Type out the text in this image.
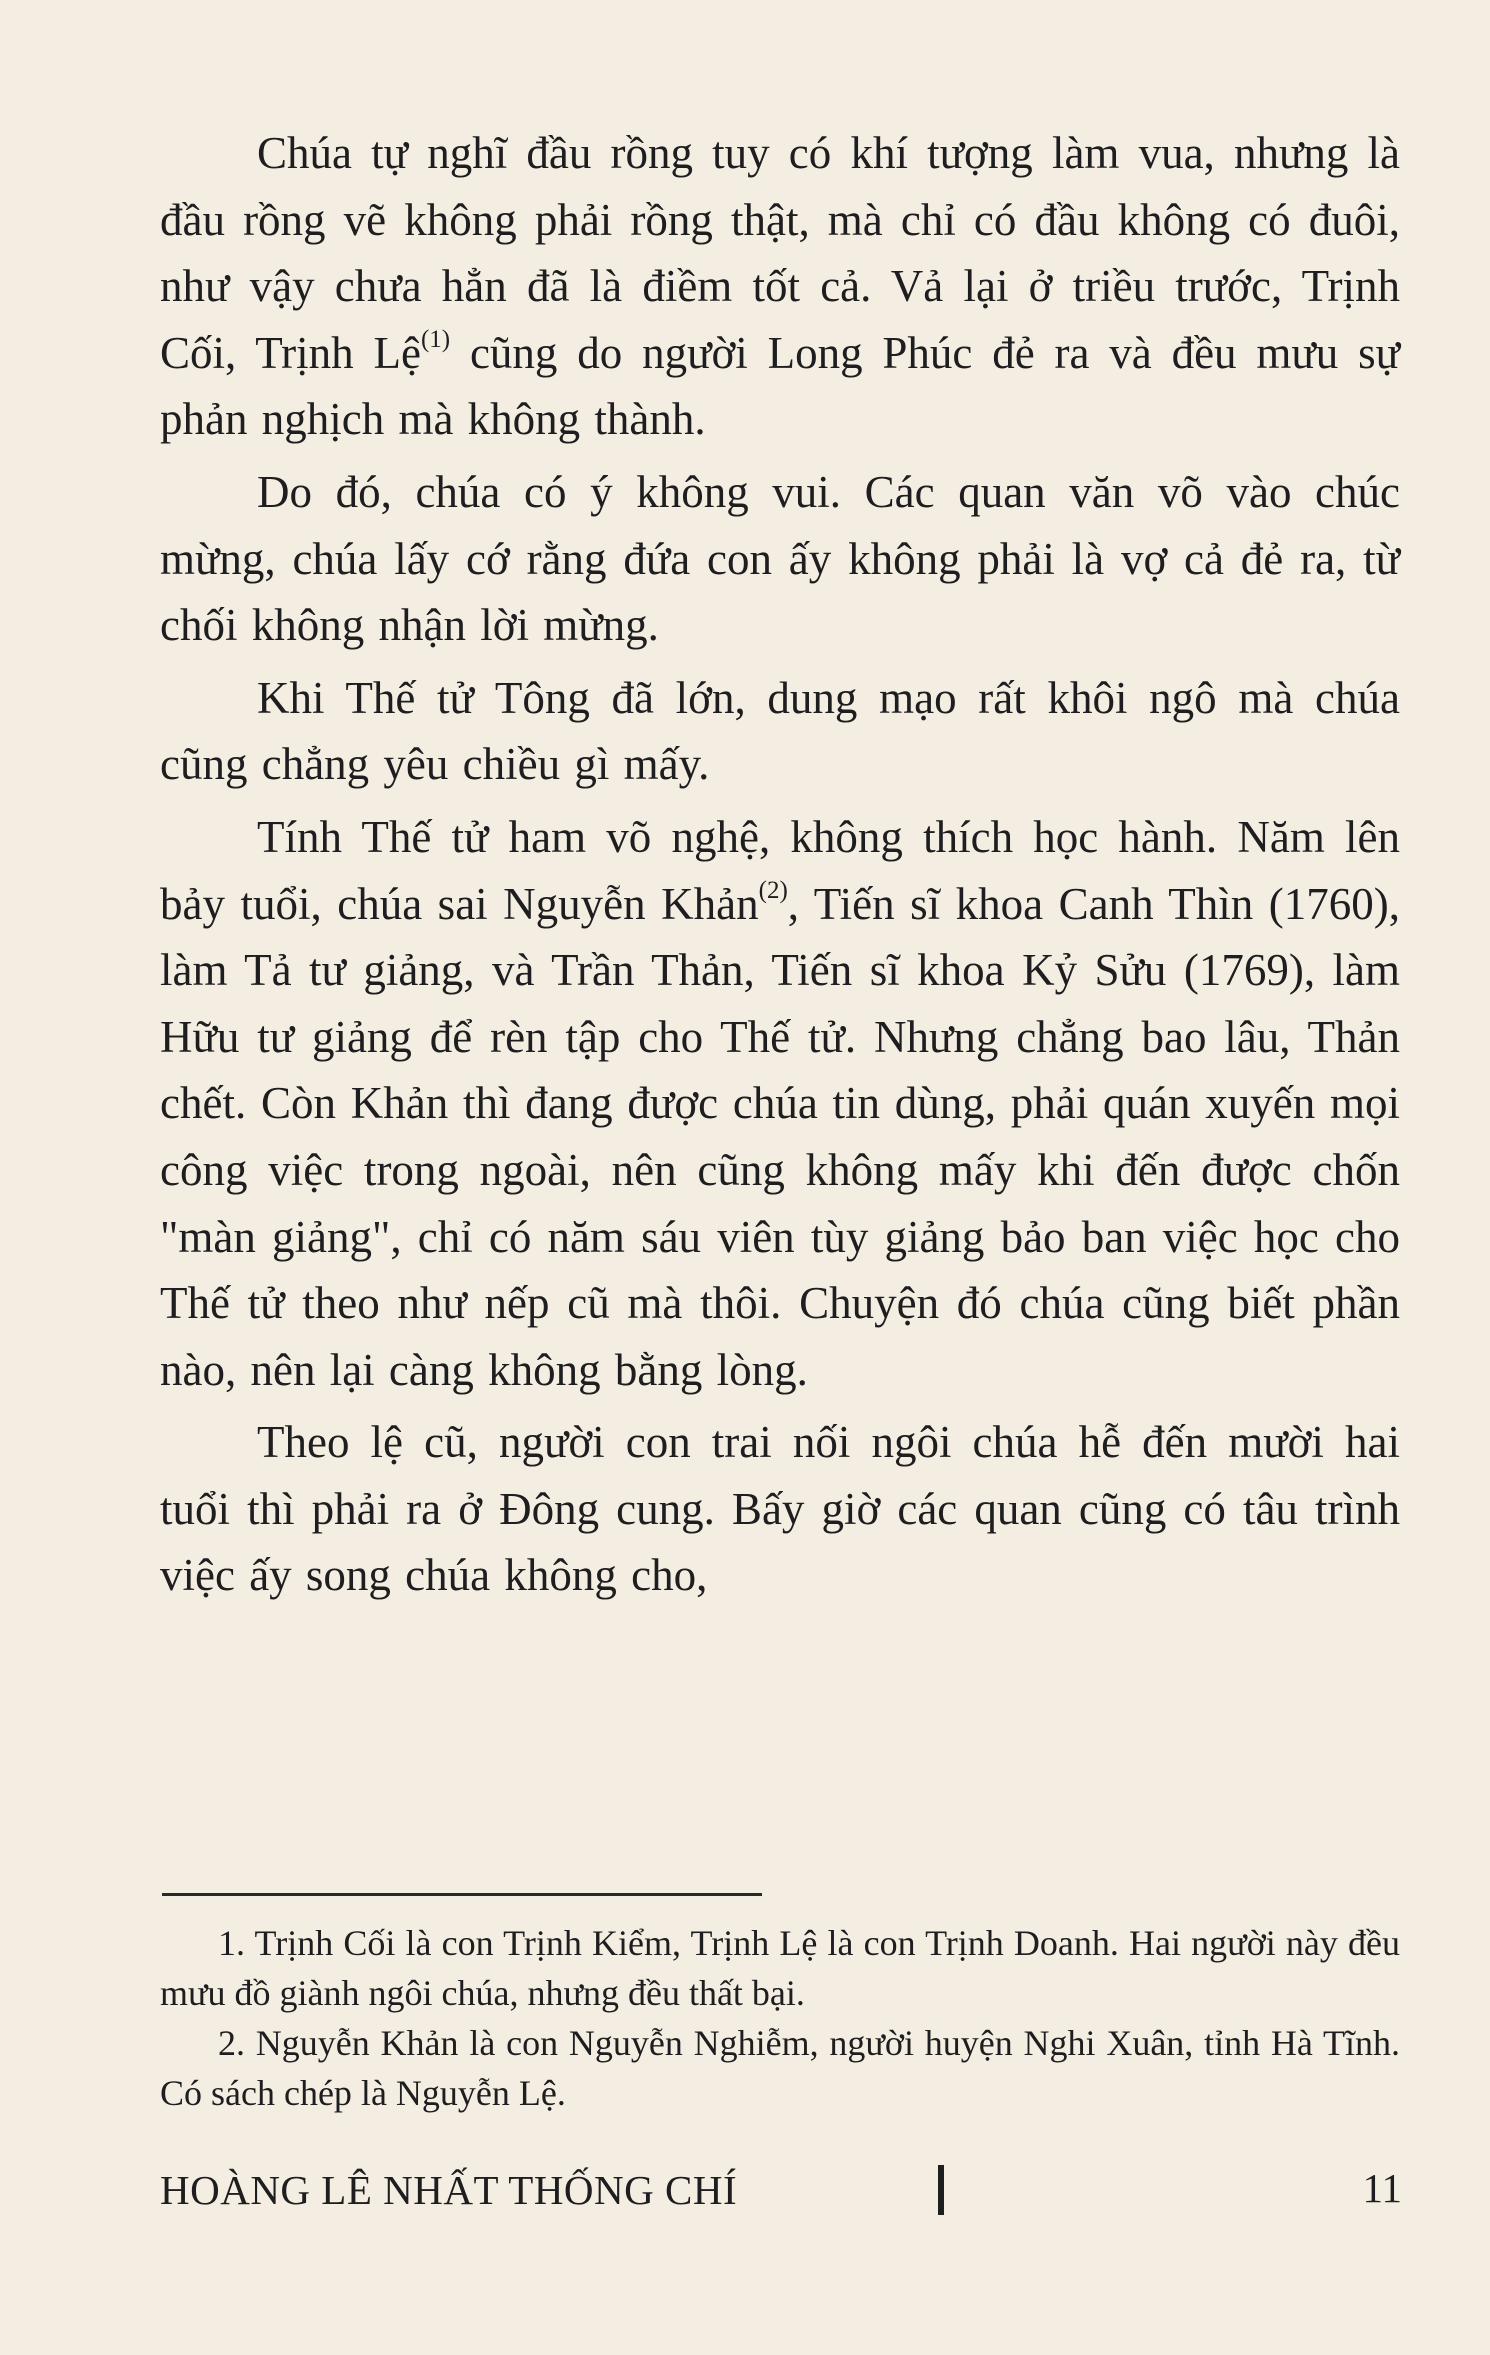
Chúa tự nghĩ đầu rồng tuy có khí tượng làm vua, nhưng là đầu rồng vẽ không phải rồng thật, mà chỉ có đầu không có đuôi, như vậy chưa hẳn đã là điềm tốt cả. Vả lại ở triều trước, Trịnh Cối, Trịnh Lệ$^{(1)}$ cũng do người Long Phúc đẻ ra và đều mưu sự phản nghịch mà không thành.

Do đó, chúa có ý không vui. Các quan văn võ vào chúc mừng, chúa lấy cớ rằng đứa con ấy không phải là vợ cả đẻ ra, từ chối không nhận lời mừng.

Khi Thế tử Tông đã lớn, dung mạo rất khôi ngô mà chúa cũng chẳng yêu chiều gì mấy.

Tính Thế tử ham võ nghệ, không thích học hành. Năm lên bảy tuổi, chúa sai Nguyễn Khản$^{(2)}$, Tiến sĩ khoa Canh Thìn (1760), làm Tả tư giảng, và Trần Thản, Tiến sĩ khoa Kỷ Sửu (1769), làm Hữu tư giảng để rèn tập cho Thế tử. Nhưng chẳng bao lâu, Thản chết. Còn Khản thì đang được chúa tin dùng, phải quán xuyến mọi công việc trong ngoài, nên cũng không mấy khi đến được chốn "màn giảng", chỉ có năm sáu viên tùy giảng bảo ban việc học cho Thế tử theo như nếp cũ mà thôi. Chuyện đó chúa cũng biết phần nào, nên lại càng không bằng lòng.

Theo lệ cũ, người con trai nối ngôi chúa hễ đến mười hai tuổi thì phải ra ở Đông cung. Bấy giờ các quan cũng có tâu trình việc ấy song chúa không cho,

1. Trịnh Cối là con Trịnh Kiểm, Trịnh Lệ là con Trịnh Doanh. Hai người này đều mưu đồ giành ngôi chúa, nhưng đều thất bại.

2. Nguyễn Khản là con Nguyễn Nghiễm, người huyện Nghi Xuân, tỉnh Hà Tĩnh. Có sách chép là Nguyễn Lệ.

HOÀNG LÊ NHẤT THỐNG CHÍ	11
